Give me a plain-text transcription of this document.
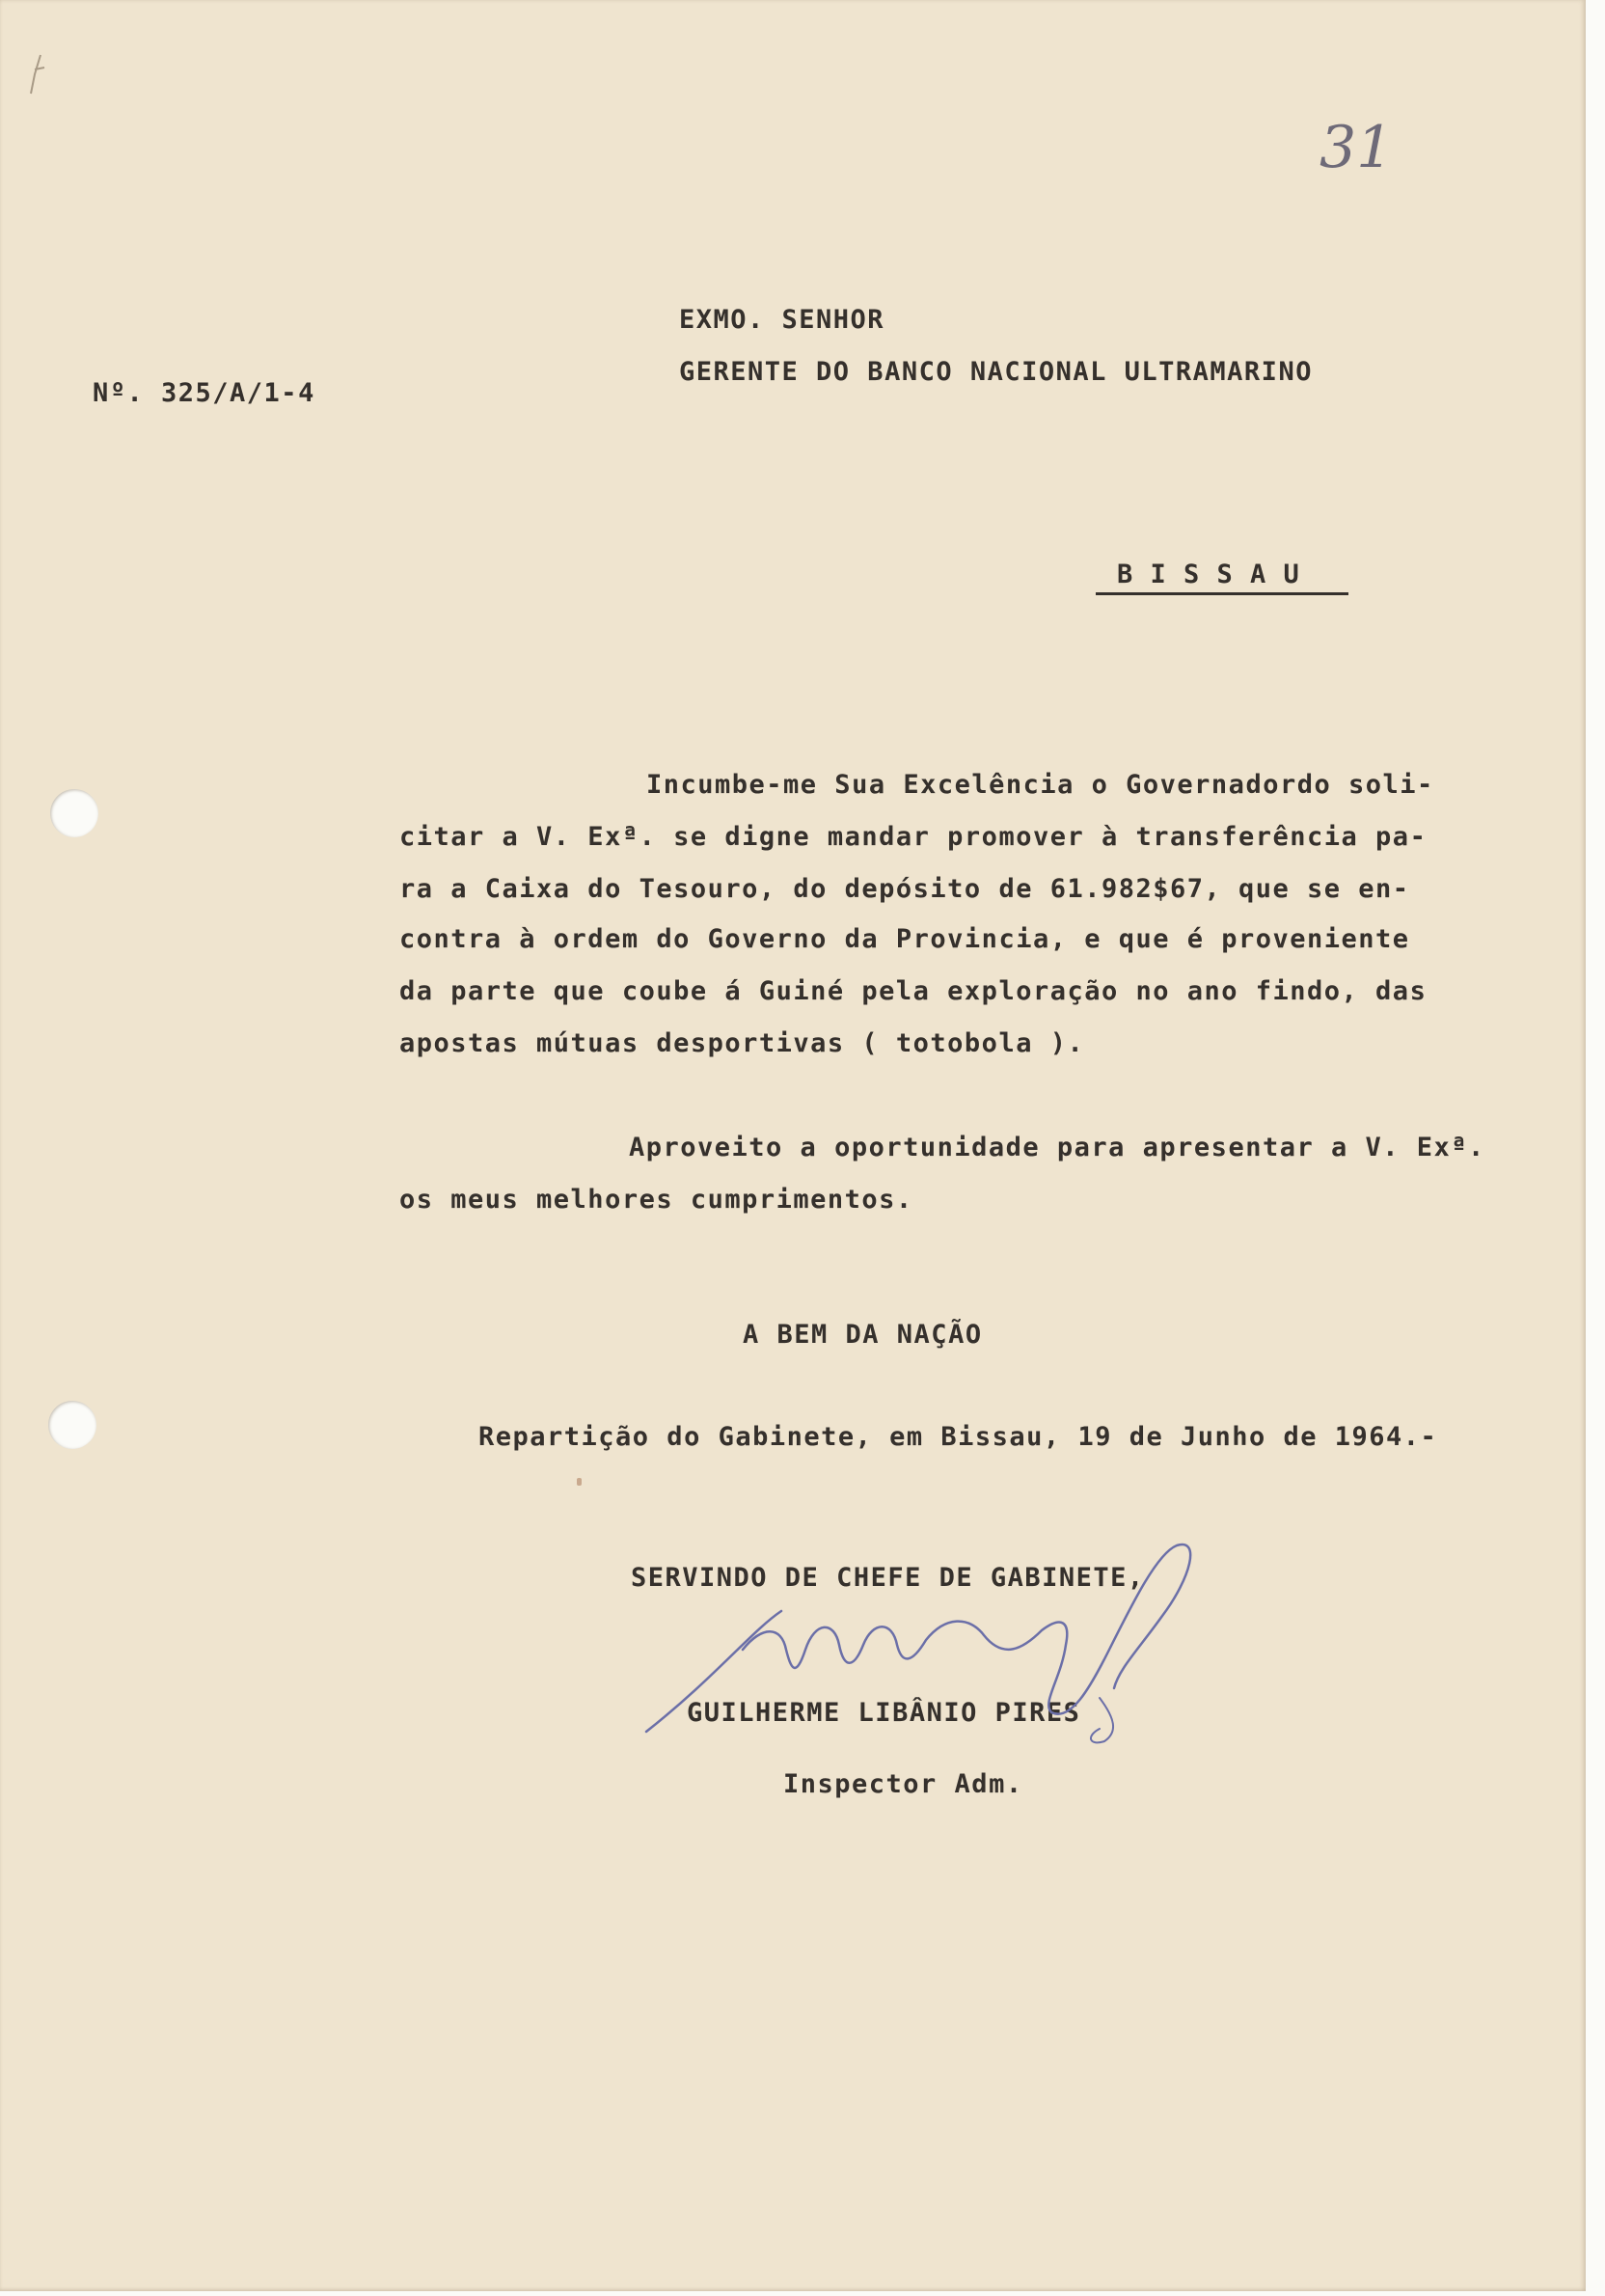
31
Nº. 325/A/1-4
EXMO. SENHOR
GERENTE DO BANCO NACIONAL ULTRAMARINO
B I S S A U
Incumbe-me Sua Excelência o Governadordo soli-
citar a V. Exª. se digne mandar promover à transferência pa-
ra a Caixa do Tesouro, do depósito de 61.982$67, que se en-
contra à ordem do Governo da Provincia, e que é proveniente
da parte que coube á Guiné pela exploração no ano findo, das
apostas mútuas desportivas ( totobola ).
Aproveito a oportunidade para apresentar a V. Exª.
os meus melhores cumprimentos.
A BEM DA NAÇÃO
Repartição do Gabinete, em Bissau, 19 de Junho de 1964.-
SERVINDO DE CHEFE DE GABINETE,
GUILHERME LIBÂNIO PIRES
Inspector Adm.
